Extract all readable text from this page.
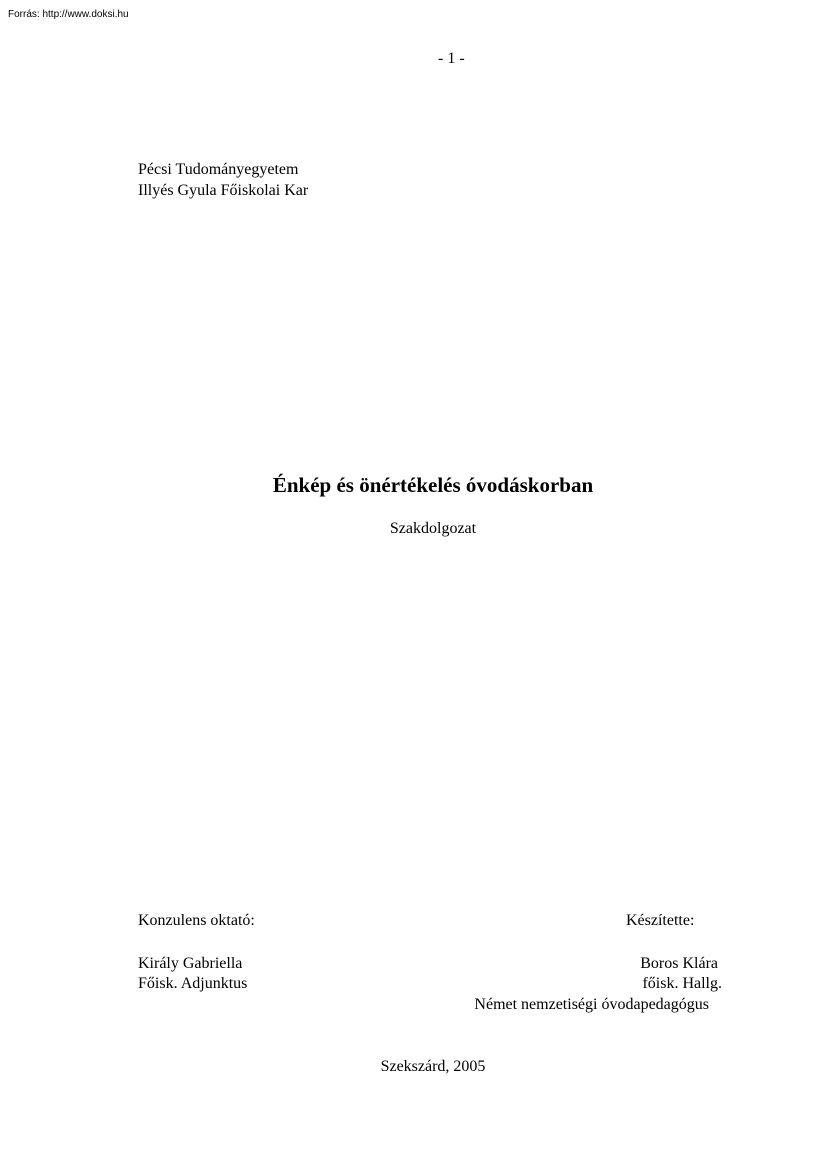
Forrás: http://www.doksi.hu
- 1 -
Pécsi Tudományegyetem
Illyés Gyula Főiskolai Kar
Énkép és önértékelés óvodáskorban
Szakdolgozat
Konzulens oktató:
Király Gabriella
Főisk. Adjunktus
Készítette:
Boros Klára
főisk. Hallg.
Német nemzetiségi óvodapedagógus
Szekszárd, 2005
